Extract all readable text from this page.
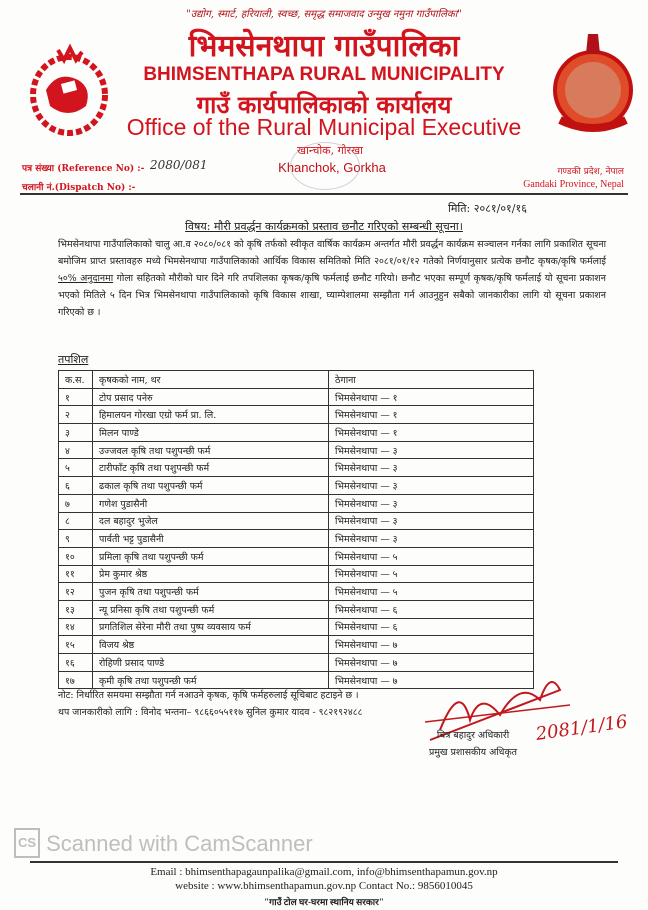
"उद्योग, स्मार्ट, हरियाली, स्वच्छ, समृद्ध समाजवाद उन्मुख नमुना गाउँपालिका"
भिमसेनथापा गाउँपालिका
BHIMSENTHAPA RURAL MUNICIPALITY
गाउँ कार्यपालिकाको कार्यालय
Office of the Rural Municipal Executive
खान्चोक, गोरखा
Khanchok, Gorkha
पत्र संख्या (Reference No) :- 2080/081
चलानी नं.(Dispatch No) :-
गण्डकी प्रदेश, नेपाल
Gandaki Province, Nepal
मिति: २०८१/०१/१६
विषय: मौरी प्रवर्द्धन कार्यक्रमको प्रस्ताव छनौट गरिएको सम्बन्धी सूचना।
भिमसेनथापा गाउँपालिकाको चालु आ.व २०८०/०८१ को कृषि तर्फको स्वीकृत वार्षिक कार्यक्रम अन्तर्गत मौरी प्रवर्द्धन कार्यक्रम सञ्चालन गर्नका लागि प्रकाशित सूचना बमोजिम प्राप्त प्रस्तावहरु मध्ये भिमसेनथापा गाउँपालिकाको आर्थिक विकास समितिको मिति २०८१/०१/१२ गतेको निर्णयानुसार प्रत्येक छनौट कृषक/कृषि फर्मलाई ५०% अनुदानमा गोला सहितको मौरीको घार दिने गरि तपशिलका कृषक/कृषि फर्मलाई छनौट गरियो। छनौट भएका सम्पूर्ण कृषक/कृषि फर्मलाई यो सूचना प्रकाशन भएको मितिले ५ दिन भित्र भिमसेनथापा गाउँपालिकाको कृषि विकास शाखा, घ्याम्पेशालमा सम्झौता गर्न आउनुहुन सबैको जानकारीका लागि यो सूचना प्रकाशन गरिएको छ ।
तपशिल
क.स.	कृषकको नाम, थर	ठेगाना
१	टोप प्रसाद पनेरु	भिमसेनथापा — १
२	हिमालयन गोरखा एग्रो फर्म प्रा. लि.	भिमसेनथापा — १
३	मिलन पाण्डे	भिमसेनथापा — १
४	उज्जवल कृषि तथा पशुपन्छी फर्म	भिमसेनथापा — ३
५	टारीफाँट कृषि तथा पशुपन्छी फर्म	भिमसेनथापा — ३
६	ढकाल कृषि तथा पशुपन्छी फर्म	भिमसेनथापा — ३
७	गणेश पुडासैनी	भिमसेनथापा — ३
८	दल बहादुर भुजेल	भिमसेनथापा — ३
९	पार्वती भट्ट पुडासैनी	भिमसेनथापा — ३
१०	प्रमिला कृषि तथा पशुपन्छी फर्म	भिमसेनथापा — ५
११	प्रेम कुमार श्रेष्ठ	भिमसेनथापा — ५
१२	पुजन कृषि तथा पशुपन्छी फर्म	भिमसेनथापा — ५
१३	न्यू प्रनिसा कृषि तथा पशुपन्छी फर्म	भिमसेनथापा — ६
१४	प्रगतिशिल सेरेना मौरी तथा पुष्प व्यवसाय फर्म	भिमसेनथापा — ६
१५	विजय श्रेष्ठ	भिमसेनथापा — ७
१६	रोहिणी प्रसाद पाण्डे	भिमसेनथापा — ७
१७	कृमी कृषि तथा पशुपन्छी फर्म	भिमसेनथापा — ७
नोट: निर्धारित समयमा सम्झौता गर्न नआउने कृषक, कृषि फर्महरुलाई सूचिबाट हटाइने छ ।
थप जानकारीको लागि : विनोद भन्तना– ९८६६०५५११७ सुनिल कुमार यादव - ९८२१९२४८८	2081/1/16
चित्र बहादुर अधिकारी
प्रमुख प्रशासकीय अधिकृत
CS Scanned with CamScanner
Email : bhimsenthapagaunpalika@gmail.com, info@bhimsenthapamun.gov.np
website : www.bhimsenthapamun.gov.np Contact No.: 9856010045
"गाउँ टोल घर-घरमा स्थानिय सरकार"
